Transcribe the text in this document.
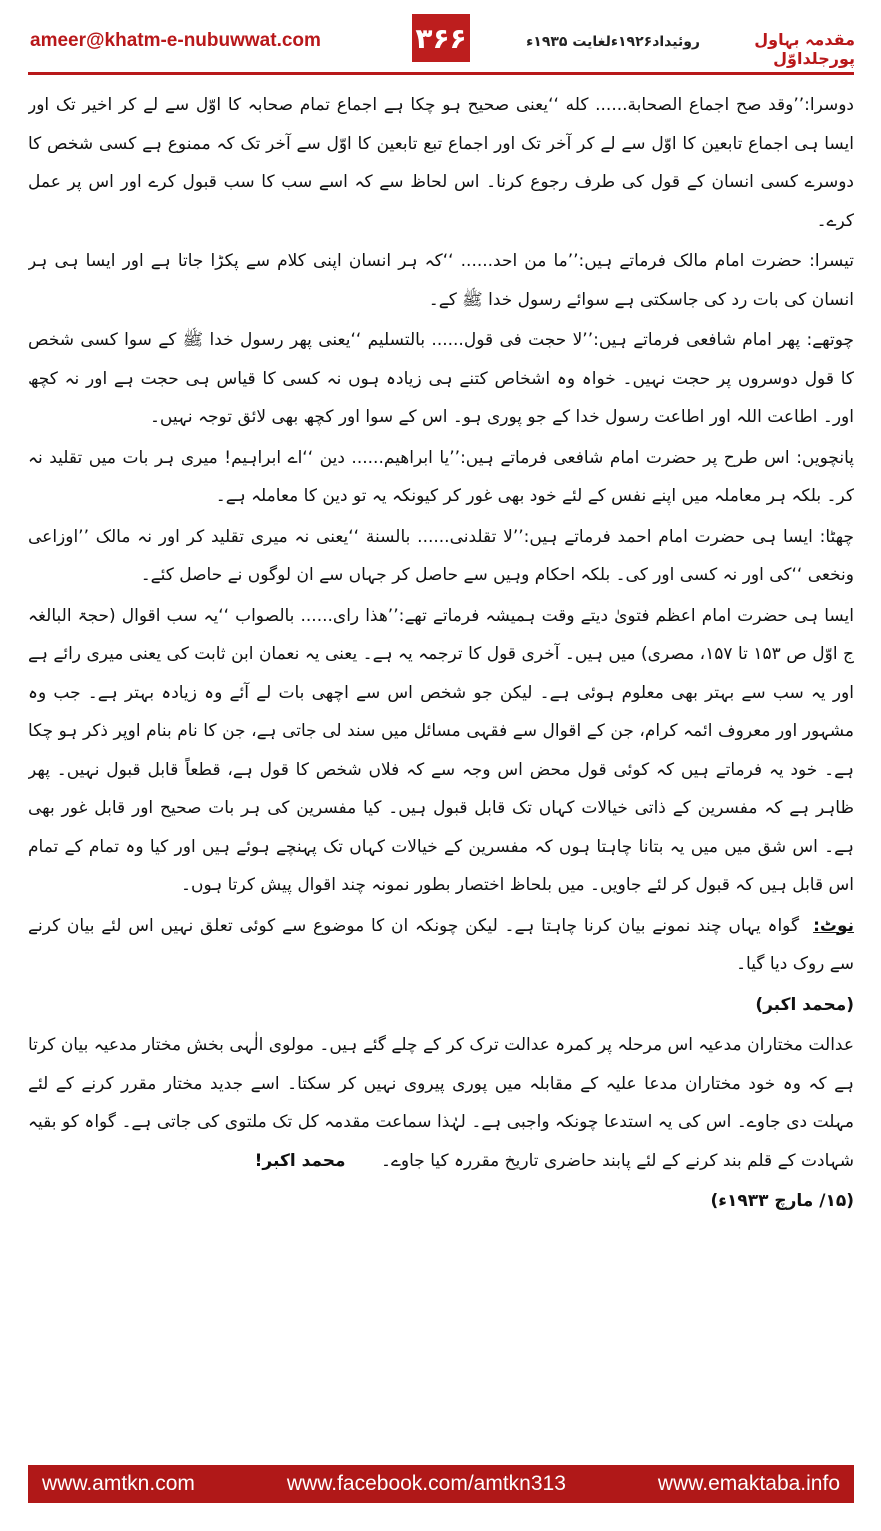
ameer@khatm-e-nubuwwat.com	۳۶۶	روئیداد۱۹۲۶ءلغایت ۱۹۳۵ء	مقدمہ بہاول پورجلداوّل

دوسرا:’’وقد صح اجماع الصحابة...... كله ‘‘یعنی صحیح ہو چکا ہے اجماع تمام صحابہ کا اوّل سے لے کر اخیر تک اور ایسا ہی اجماع تابعین کا اوّل سے لے کر آخر تک اور اجماع تبع تابعین کا اوّل سے آخر تک کہ ممنوع ہے کسی شخص کا دوسرے کسی انسان کے قول کی طرف رجوع کرنا۔ اس لحاظ سے کہ اسے سب کا سب قبول کرے اور اس پر عمل کرے۔

تیسرا: حضرت امام مالک فرماتے ہیں:’’ما من احد...... ‘‘کہ ہر انسان اپنی کلام سے پکڑا جاتا ہے اور ایسا ہی ہر انسان کی بات رد کی جاسکتی ہے سوائے رسول خدا ﷺ کے۔

چوتھے: پھر امام شافعی فرماتے ہیں:’’لا حجت فی قول...... بالتسلیم ‘‘یعنی پھر رسول خدا ﷺ کے سوا کسی شخص کا قول دوسروں پر حجت نہیں۔ خواہ وہ اشخاص کتنے ہی زیادہ ہوں نہ کسی کا قیاس ہی حجت ہے اور نہ کچھ اور۔ اطاعت اللہ اور اطاعت رسول خدا کے جو پوری ہو۔ اس کے سوا اور کچھ بھی لائق توجہ نہیں۔

پانچویں: اس طرح پر حضرت امام شافعی فرماتے ہیں:’’یا ابراهیم...... دین ‘‘اے ابراہیم! میری ہر بات میں تقلید نہ کر۔ بلکہ ہر معاملہ میں اپنے نفس کے لئے خود بھی غور کر کیونکہ یہ تو دین کا معاملہ ہے۔

چھٹا: ایسا ہی حضرت امام احمد فرماتے ہیں:’’لا تقلدنی...... بالسنة ‘‘یعنی نہ میری تقلید کر اور نہ مالک ’’اوزاعی ونخعی ‘‘کی اور نہ کسی اور کی۔ بلکہ احکام وہیں سے حاصل کر جہاں سے ان لوگوں نے حاصل کئے۔

ایسا ہی حضرت امام اعظم فتویٰ دیتے وقت ہمیشہ فرماتے تھے:’’هذا رای...... بالصواب ‘‘یہ سب اقوال (حجۃ البالغہ ج اوّل ص ۱۵۳ تا ۱۵۷، مصری) میں ہیں۔ آخری قول کا ترجمہ یہ ہے۔ یعنی یہ نعمان ابن ثابت کی یعنی میری رائے ہے اور یہ سب سے بہتر بھی معلوم ہوئی ہے۔ لیکن جو شخص اس سے اچھی بات لے آئے وہ زیادہ بہتر ہے۔ جب وہ مشہور اور معروف ائمہ کرام، جن کے اقوال سے فقہی مسائل میں سند لی جاتی ہے، جن کا نام بنام اوپر ذکر ہو چکا ہے۔ خود یہ فرماتے ہیں کہ کوئی قول محض اس وجہ سے کہ فلاں شخص کا قول ہے، قطعاً قابل قبول نہیں۔ پھر ظاہر ہے کہ مفسرین کے ذاتی خیالات کہاں تک قابل قبول ہیں۔ کیا مفسرین کی ہر بات صحیح اور قابل غور بھی ہے۔ اس شق میں میں یہ بتانا چاہتا ہوں کہ مفسرین کے خیالات کہاں تک پہنچے ہوئے ہیں اور کیا وہ تمام کے تمام اس قابل ہیں کہ قبول کر لئے جاویں۔ میں بلحاظ اختصار بطور نمونہ چند اقوال پیش کرتا ہوں۔

نوٹ:گواہ یہاں چند نمونے بیان کرنا چاہتا ہے۔ لیکن چونکہ ان کا موضوع سے کوئی تعلق نہیں اس لئے بیان کرنے سے روک دیا گیا۔

(محمد اکبر)

عدالت مختاران مدعیہ اس مرحلہ پر کمرہ عدالت ترک کر کے چلے گئے ہیں۔ مولوی الٰہی بخش مختار مدعیہ بیان کرتا ہے کہ وہ خود مختاران مدعا علیہ کے مقابلہ میں پوری پیروی نہیں کر سکتا۔ اسے جدید مختار مقرر کرنے کے لئے مہلت دی جاوے۔ اس کی یہ استدعا چونکہ واجبی ہے۔ لہٰذا سماعت مقدمہ کل تک ملتوی کی جاتی ہے۔ گواہ کو بقیہ شہادت کے قلم بند کرنے کے لئے پابند حاضری تاریخ مقررہ کیا جاوے۔ محمد اکبر!

(۱۵/ مارچ ۱۹۳۳ء)

www.amtkn.com	www.facebook.com/amtkn313	www.emaktaba.info
